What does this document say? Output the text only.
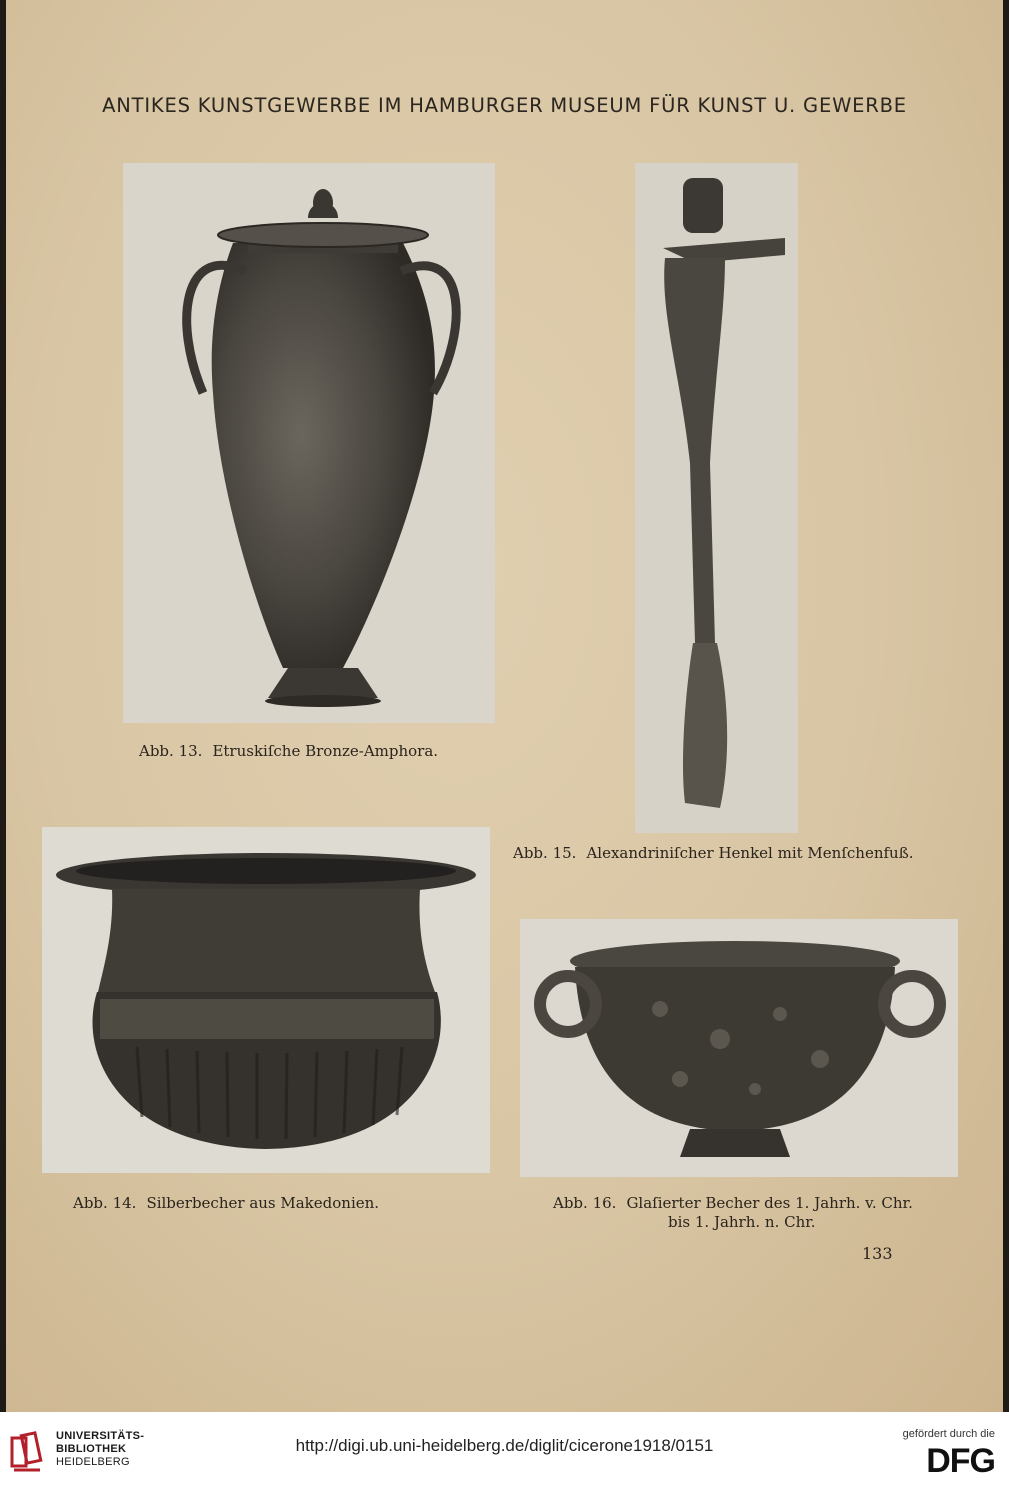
ANTIKES KUNSTGEWERBE IM HAMBURGER MUSEUM FÜR KUNST U. GEWERBE
Abb. 13. Etruskiſche Bronze-Amphora.
Abb. 15. Alexandriniſcher Henkel mit Menſchenfuß.
Abb. 14. Silberbecher aus Makedonien.	Abb. 16. Glaſierter Becher des 1. Jahrh. v. Chr.
bis 1. Jahrh. n. Chr.
133
UNIVERSITÄTS-
BIBLIOTHEK
HEIDELBERG
http://digi.ub.uni-heidelberg.de/diglit/cicerone1918/0151
gefördert durch die
DFG
